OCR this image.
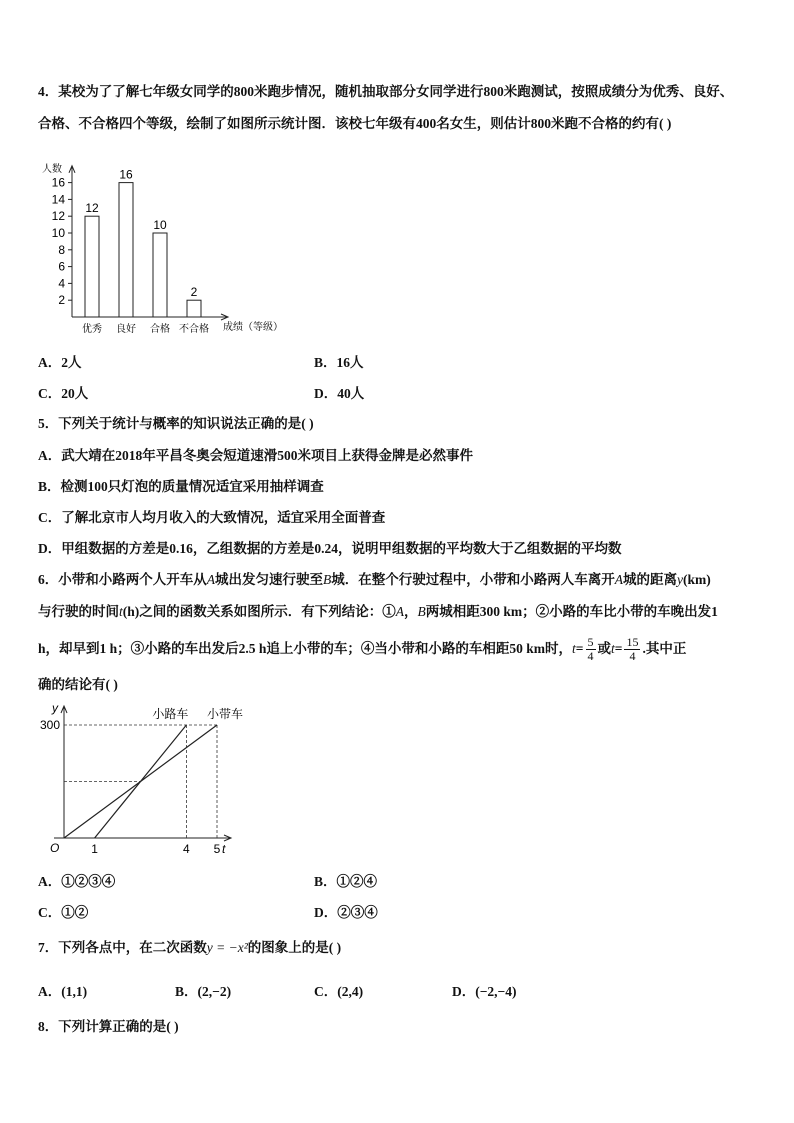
4．某校为了了解七年级女同学的800米跑步情况，随机抽取部分女同学进行800米跑测试，按照成绩分为优秀、良好、
合格、不合格四个等级，绘制了如图所示统计图．该校七年级有400名女生，则估计800米跑不合格的约有( )
人数
成绩（等级）
2
4
6
8
10
12
14
16
12
优秀
16
良好
10
合格
2
不合格
A．2人	B．16人
C．20人	D．40人
5．下列关于统计与概率的知识说法正确的是( )
A．武大靖在2018年平昌冬奥会短道速滑500米项目上获得金牌是必然事件
B．检测100只灯泡的质量情况适宜采用抽样调查
C．了解北京市人均月收入的大致情况，适宜采用全面普查
D．甲组数据的方差是0.16，乙组数据的方差是0.24，说明甲组数据的平均数大于乙组数据的平均数
6．小带和小路两个人开车从A城出发匀速行驶至B城．在整个行驶过程中，小带和小路两人车离开A城的距离y(km)
与行驶的时间t(h)之间的函数关系如图所示．有下列结论：①A，B两城相距300 km；②小路的车比小带的车晚出发1
h，却早到1 h；③小路的车出发后2.5 h追上小带的车；④当小带和小路的车相距50 km时，$t= \frac{5}{4}$ 或$t= \frac{15}{4}$ .其中正
确的结论有( )
y
t
O	1	4 5
300
小路车 小带车
A．①②③④	B．①②④
C．①②	D．②③④
7．下列各点中，在二次函数y = −x²的图象上的是( )
A．(1,1)	B．(2,−2)	C．(2,4)	D．(−2,−4)
8．下列计算正确的是( )
